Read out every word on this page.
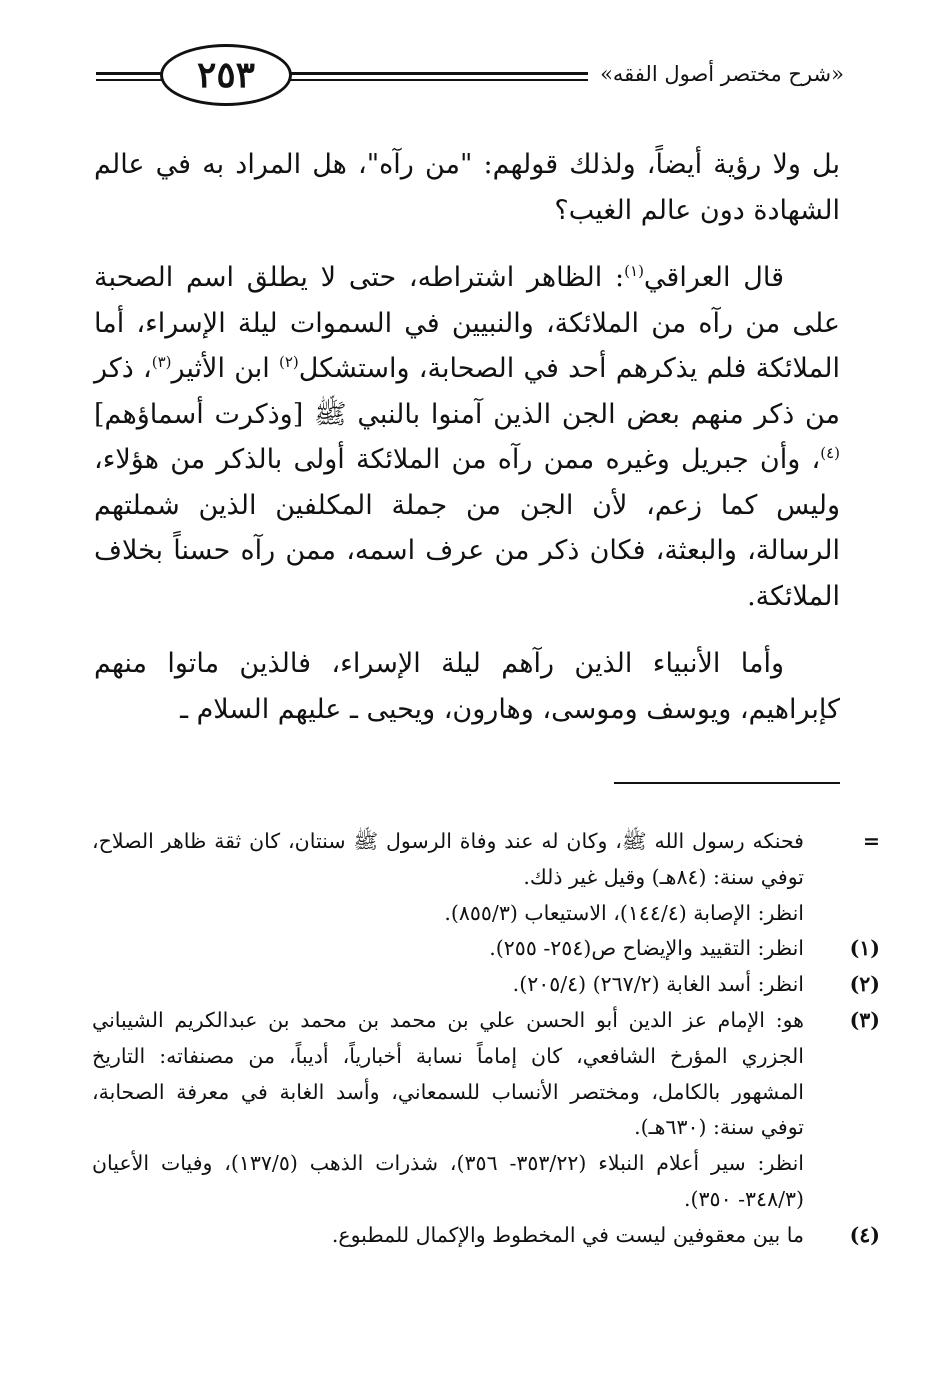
٢٥٣	«شرح مختصر أصول الفقه»

بل ولا رؤية أيضاً، ولذلك قولهم: "من رآه"، هل المراد به في عالم الشهادة دون عالم الغيب؟

قال العراقي$^{(١)}$: الظاهر اشتراطه، حتى لا يطلق اسم الصحبة على من رآه من الملائكة، والنبيين في السموات ليلة الإسراء، أما الملائكة فلم يذكرهم أحد في الصحابة، واستشكل$^{(٢)}$ ابن الأثير$^{(٣)}$، ذكر من ذكر منهم بعض الجن الذين آمنوا بالنبي ﷺ [وذكرت أسماؤهم]$^{(٤)}$، وأن جبريل وغيره ممن رآه من الملائكة أولى بالذكر من هؤلاء، وليس كما زعم، لأن الجن من جملة المكلفين الذين شملتهم الرسالة، والبعثة، فكان ذكر من عرف اسمه، ممن رآه حسناً بخلاف الملائكة.

وأما الأنبياء الذين رآهم ليلة الإسراء، فالذين ماتوا منهم كإبراهيم، ويوسف وموسى، وهارون، ويحيى ـ عليهم السلام ـ

=فحنكه رسول الله ﷺ، وكان له عند وفاة الرسول ﷺ سنتان، كان ثقة ظاهر الصلاح، توفي سنة: (٨٤هـ) وقيل غير ذلك.
انظر: الإصابة (١٤٤/٤)، الاستيعاب (٨٥٥/٣).
(١)انظر: التقييد والإيضاح ص(٢٥٤- ٢٥٥).
(٢)انظر: أسد الغابة (٢٦٧/٢) (٢٠٥/٤).
(٣)هو: الإمام عز الدين أبو الحسن علي بن محمد بن محمد بن عبدالكريم الشيباني الجزري المؤرخ الشافعي، كان إماماً نسابة أخبارياً، أديباً، من مصنفاته: التاريخ المشهور بالكامل، ومختصر الأنساب للسمعاني، وأسد الغابة في معرفة الصحابة، توفي سنة: (٦٣٠هـ).
انظر: سير أعلام النبلاء (٣٥٣/٢٢- ٣٥٦)، شذرات الذهب (١٣٧/٥)، وفيات الأعيان (٣٤٨/٣- ٣٥٠).
(٤)ما بين معقوفين ليست في المخطوط والإكمال للمطبوع.
